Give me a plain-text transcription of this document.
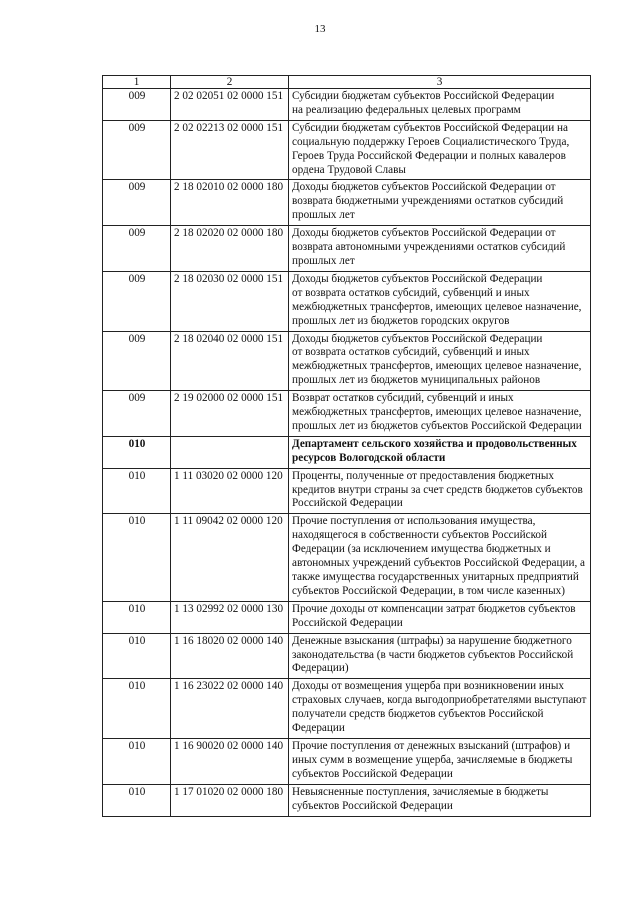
13
1	2	3
009	2 02 02051 02 0000 151	Субсидии бюджетам субъектов Российской Федерации
на реализацию федеральных целевых программ
009	2 02 02213 02 0000 151	Субсидии бюджетам субъектов Российской Федерации на социальную поддержку Героев Социалистического Труда, Героев Труда Российской Федерации и полных кавалеров ордена Трудовой Славы
009	2 18 02010 02 0000 180	Доходы бюджетов субъектов Российской Федерации от возврата бюджетными учреждениями остатков субсидий прошлых лет
009	2 18 02020 02 0000 180	Доходы бюджетов субъектов Российской Федерации от возврата автономными учреждениями остатков субсидий прошлых лет
009	2 18 02030 02 0000 151	Доходы бюджетов субъектов Российской Федерации
от возврата остатков субсидий, субвенций и иных межбюджетных трансфертов, имеющих целевое назначение, прошлых лет из бюджетов городских округов
009	2 18 02040 02 0000 151	Доходы бюджетов субъектов Российской Федерации
от возврата остатков субсидий, субвенций и иных межбюджетных трансфертов, имеющих целевое назначение, прошлых лет из бюджетов муниципальных районов
009	2 19 02000 02 0000 151	Возврат остатков субсидий, субвенций и иных межбюджетных трансфертов, имеющих целевое назначение, прошлых лет из бюджетов субъектов Российской Федерации
010		Департамент сельского хозяйства и продовольственных ресурсов Вологодской области
010	1 11 03020 02 0000 120	Проценты, полученные от предоставления бюджетных кредитов внутри страны за счет средств бюджетов субъектов Российской Федерации
010	1 11 09042 02 0000 120	Прочие поступления от использования имущества, находящегося в собственности субъектов Российской Федерации (за исключением имущества бюджетных и автономных учреждений субъектов Российской Федерации, а также имущества государственных унитарных предприятий субъектов Российской Федерации, в том числе казенных)
010	1 13 02992 02 0000 130	Прочие доходы от компенсации затрат бюджетов субъектов Российской Федерации
010	1 16 18020 02 0000 140	Денежные взыскания (штрафы) за нарушение бюджетного законодательства (в части бюджетов субъектов Российской Федерации)
010	1 16 23022 02 0000 140	Доходы от возмещения ущерба при возникновении иных страховых случаев, когда выгодоприобретателями выступают получатели средств бюджетов субъектов Российской Федерации
010	1 16 90020 02 0000 140	Прочие поступления от денежных взысканий (штрафов) и иных сумм в возмещение ущерба, зачисляемые в бюджеты субъектов Российской Федерации
010	1 17 01020 02 0000 180	Невыясненные поступления, зачисляемые в бюджеты субъектов Российской Федерации
